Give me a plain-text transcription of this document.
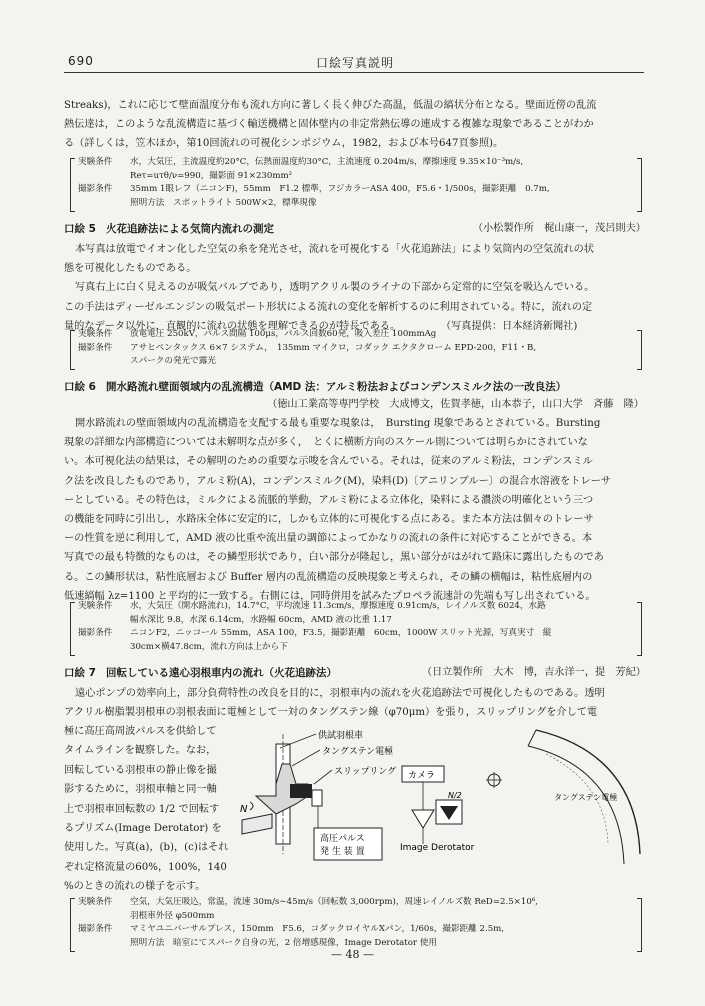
690	口絵写真説明

Streaks)，これに応じて壁面温度分布も流れ方向に著しく長く伸びた高温，低温の縞状分布となる。壁面近傍の乱流

熱伝達は，このような乱流構造に基づく輸送機構と固体壁内の非定常熱伝導の連成する複雑な現象であることがわか

る（詳しくは，笠木ほか，第10回流れの可視化シンポジウム，1982，および本号647頁参照)。

実験条件 水，大気圧，主流温度約20°C，伝熱面温度約30°C，主流速度 0.204m/s，摩擦速度 9.35×10⁻³m/s,
Reτ=uτθ/ν=990，撮影面 91×230mm²
撮影条件 35mm 1眼レフ（ニコンF)，55mm　F1.2 標準，フジカラーASA 400，F5.6・1/500s，撮影距離　0.7m,
照明方法　スポットライト 500W×2，標準現像
口絵 5 火花追跡法による気筒内流れの測定	（小松製作所　梶山康一，茂呂則夫）

本写真は放電でイオン化した空気の糸を発光させ，流れを可視化する「火花追跡法」により気筒内の空気流れの状

態を可視化したものである。

写真右上に白く見えるのが吸気バルブであり，透明アクリル製のライナの下部から定常的に空気を吸込んでいる。

この手法はディーゼルエンジンの吸気ポート形状による流れの変化を解析するのに利用されている。特に，流れの定

量的なデータ以外に，直観的に流れの状態を理解できるのが特長である。　　　　　（写真提供：日本経済新聞社)

実験条件 放電電圧 250kV，パルス間隔 100μs，パルス回数60発，吸入差圧 100mmAg
撮影条件 アサヒペンタックス 6×7 システム，　135mm マイクロ，コダック エクタクローム EPD-200，F11・B,
スパークの発光で露光
口絵 6 開水路流れ壁面領域内の乱流構造（AMD 法：アルミ粉法およびコンデンスミルク法の一改良法）
（徳山工業高等専門学校　大成博文，佐賀孝徳，山本恭子，山口大学　斉藤　隆）

開水路流れの壁面領域内の乱流構造を支配する最も重要な現象は，　Bursting 現象であるとされている。Bursting

現象の詳細な内部構造については未解明な点が多く，　とくに横断方向のスケール則については明らかにされていな

い。本可視化法の結果は，その解明のための重要な示唆を含んでいる。それは，従来のアルミ粉法，コンデンスミル

ク法を改良したものであり，アルミ粉(A)，コンデンスミルク(M)，染料(D)〔アニリンブルー〕の混合水溶液をトレーサ

ーとしている。その特色は，ミルクによる流脈的挙動，アルミ粉による立体化，染料による濃淡の明確化という三つ

の機能を同時に引出し，水路床全体に安定的に，しかも立体的に可視化する点にある。また本方法は個々のトレーサ

ーの性質を逆に利用して，AMD 液の比重や流出量の調節によってかなりの流れの条件に対応することができる。本

写真での最も特徴的なものは，その鱗型形状であり，白い部分が隆起し，黒い部分がはがれて路床に露出したものであ

る。この鱗形状は，粘性底層および Buffer 層内の乱流構造の反映現象と考えられ，その鱗の横幅は，粘性底層内の

低速縞幅 λz=1100 と平均的に一致する。右側には，同時併用を試みたプロペラ流速計の先端も写し出されている。

実験条件 水，大気圧（開水路流れ)，14.7°C，平均流速 11.3cm/s，摩擦速度 0.91cm/s，レイノルズ数 6024，水路
幅水深比 9.8，水深 6.14cm，水路幅 60cm，AMD 液の比重 1.17
撮影条件 ニコンF2，ニッコール 55mm，ASA 100，F3.5，撮影距離　60cm，1000W スリット光源，写真実寸　縦
30cm×横47.8cm，流れ方向は上から下
口絵 7 回転している遠心羽根車内の流れ（火花追跡法）	（日立製作所　大木　博，吉永洋一，提　芳紀）

遠心ポンプの効率向上，部分負荷特性の改良を目的に，羽根車内の流れを火花追跡法で可視化したものである。透明

アクリル樹脂製羽根車の羽根表面に電極として一対のタングステン線（φ70μm）を張り，スリップリングを介して電

極に高圧高周波パルスを供給して

タイムラインを観察した。なお，

回転している羽根車の静止像を撮

影するために，羽根車軸と同一軸

上で羽根車回転数の 1/2 で回転す

るプリズム(Image Derotator) を

使用した。写真(a)，(b)，(c)はそれ

ぞれ定格流量の60%，100%，140

%のときの流れの様子を示す。

供試羽根車
タングステン電極
スリップリング
N
高圧パルス
発 生 装 置
カメラ
N/2
Image Derotator
タングステン電極
実験条件 空気，大気圧吸込，常温，流速 30m/s∼45m/s（回転数 3,000rpm)，周速レイノルズ数 ReD=2.5×10⁶,
羽根車外径 φ500mm
撮影条件 マミヤユニバーサルプレス，150mm　F5.6，コダックロイヤルXパン，1/60s，撮影距離 2.5m,
照明方法　暗室にてスパーク自身の光，2 倍増感現像，Image Derotator 使用
— 48 —
